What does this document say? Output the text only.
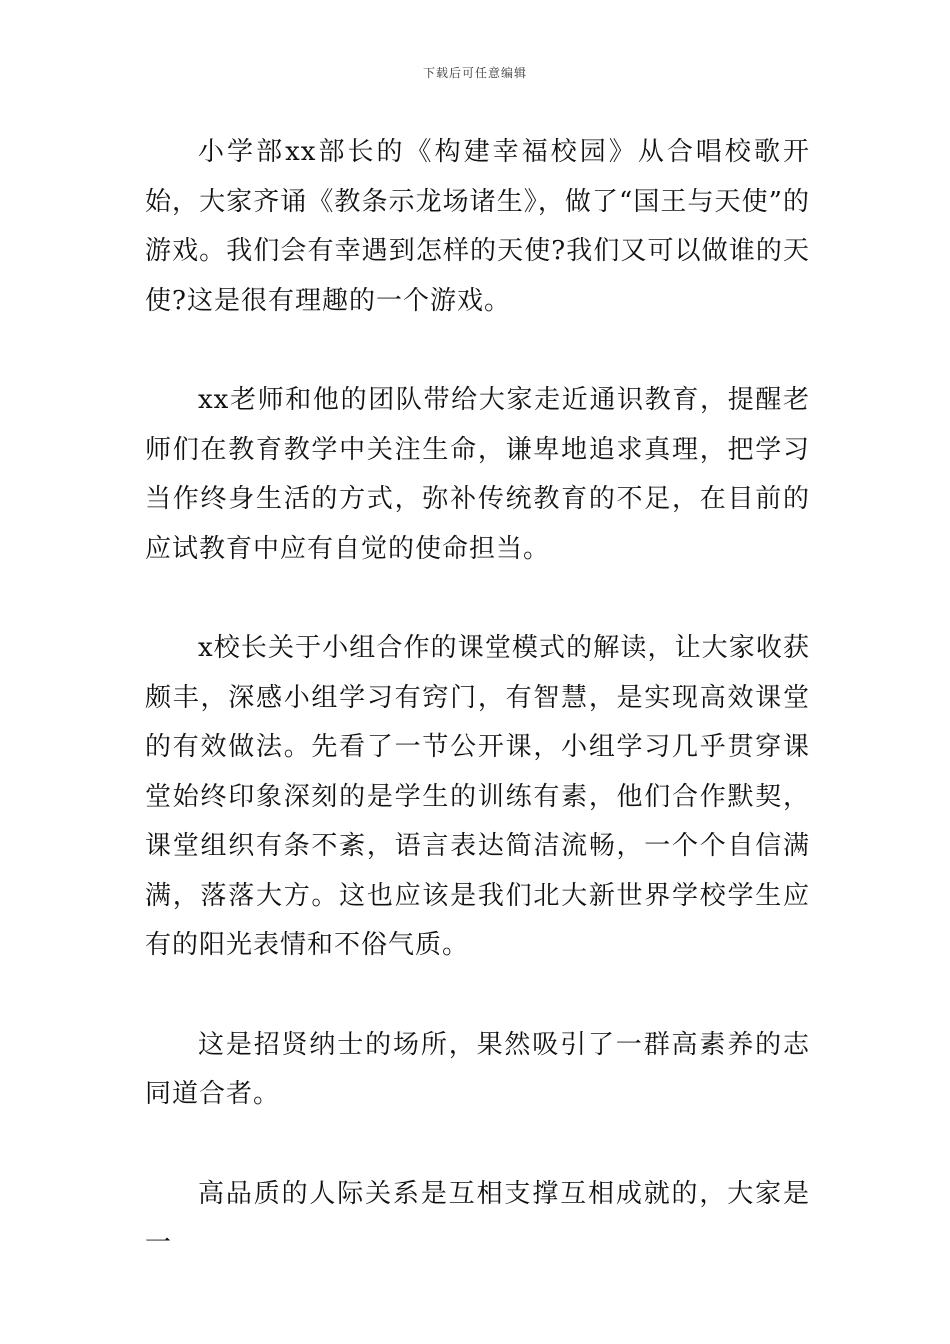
下载后可任意编辑

小学部xx部长的《构建幸福校园》从合唱校歌开始，大家齐诵《教条示龙场诸生》，做了“国王与天使”的游戏。我们会有幸遇到怎样的天使?我们又可以做谁的天使?这是很有理趣的一个游戏。

xx老师和他的团队带给大家走近通识教育，提醒老师们在教育教学中关注生命，谦卑地追求真理，把学习当作终身生活的方式，弥补传统教育的不足，在目前的应试教育中应有自觉的使命担当。

x校长关于小组合作的课堂模式的解读，让大家收获颇丰，深感小组学习有窍门，有智慧，是实现高效课堂的有效做法。先看了一节公开课，小组学习几乎贯穿课堂始终印象深刻的是学生的训练有素，他们合作默契，课堂组织有条不紊，语言表达简洁流畅，一个个自信满满，落落大方。这也应该是我们北大新世界学校学生应有的阳光表情和不俗气质。

这是招贤纳士的场所，果然吸引了一群高素养的志同道合者。

高品质的人际关系是互相支撑互相成就的，大家是一
